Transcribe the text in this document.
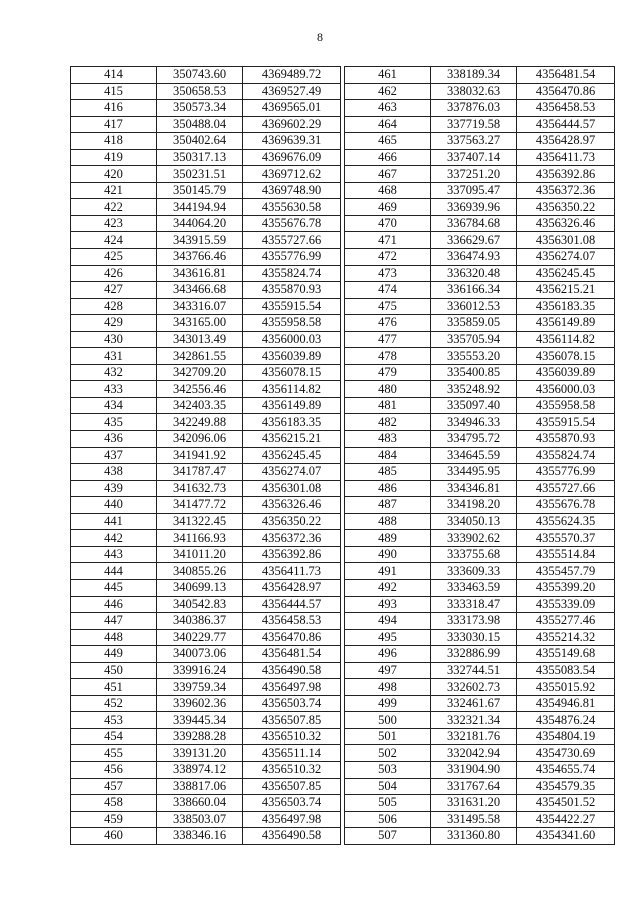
8
414	350743.60	4369489.72
415	350658.53	4369527.49
416	350573.34	4369565.01
417	350488.04	4369602.29
418	350402.64	4369639.31
419	350317.13	4369676.09
420	350231.51	4369712.62
421	350145.79	4369748.90
422	344194.94	4355630.58
423	344064.20	4355676.78
424	343915.59	4355727.66
425	343766.46	4355776.99
426	343616.81	4355824.74
427	343466.68	4355870.93
428	343316.07	4355915.54
429	343165.00	4355958.58
430	343013.49	4356000.03
431	342861.55	4356039.89
432	342709.20	4356078.15
433	342556.46	4356114.82
434	342403.35	4356149.89
435	342249.88	4356183.35
436	342096.06	4356215.21
437	341941.92	4356245.45
438	341787.47	4356274.07
439	341632.73	4356301.08
440	341477.72	4356326.46
441	341322.45	4356350.22
442	341166.93	4356372.36
443	341011.20	4356392.86
444	340855.26	4356411.73
445	340699.13	4356428.97
446	340542.83	4356444.57
447	340386.37	4356458.53
448	340229.77	4356470.86
449	340073.06	4356481.54
450	339916.24	4356490.58
451	339759.34	4356497.98
452	339602.36	4356503.74
453	339445.34	4356507.85
454	339288.28	4356510.32
455	339131.20	4356511.14
456	338974.12	4356510.32
457	338817.06	4356507.85
458	338660.04	4356503.74
459	338503.07	4356497.98
460	338346.16	4356490.58
461	338189.34	4356481.54
462	338032.63	4356470.86
463	337876.03	4356458.53
464	337719.58	4356444.57
465	337563.27	4356428.97
466	337407.14	4356411.73
467	337251.20	4356392.86
468	337095.47	4356372.36
469	336939.96	4356350.22
470	336784.68	4356326.46
471	336629.67	4356301.08
472	336474.93	4356274.07
473	336320.48	4356245.45
474	336166.34	4356215.21
475	336012.53	4356183.35
476	335859.05	4356149.89
477	335705.94	4356114.82
478	335553.20	4356078.15
479	335400.85	4356039.89
480	335248.92	4356000.03
481	335097.40	4355958.58
482	334946.33	4355915.54
483	334795.72	4355870.93
484	334645.59	4355824.74
485	334495.95	4355776.99
486	334346.81	4355727.66
487	334198.20	4355676.78
488	334050.13	4355624.35
489	333902.62	4355570.37
490	333755.68	4355514.84
491	333609.33	4355457.79
492	333463.59	4355399.20
493	333318.47	4355339.09
494	333173.98	4355277.46
495	333030.15	4355214.32
496	332886.99	4355149.68
497	332744.51	4355083.54
498	332602.73	4355015.92
499	332461.67	4354946.81
500	332321.34	4354876.24
501	332181.76	4354804.19
502	332042.94	4354730.69
503	331904.90	4354655.74
504	331767.64	4354579.35
505	331631.20	4354501.52
506	331495.58	4354422.27
507	331360.80	4354341.60
